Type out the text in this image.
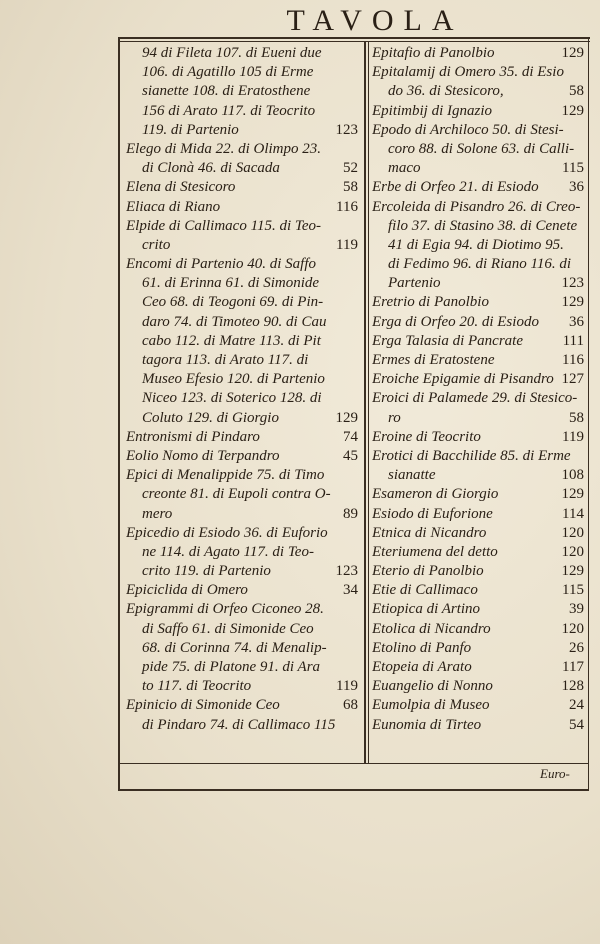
TAVOLA
94 di Fileta 107. di Eueni due
106. di Agatillo 105 di Erme
sianette 108. di Eratosthene
156 di Arato 117. di Teocrito
119. di Partenio	123
Elego di Mida 22. di Olimpo 23.
di Clonà 46. di Sacada	52
Elena di Stesicoro	58
Eliaca di Riano	116
Elpide di Callimaco 115. di Teo-
crito	119
Encomi di Partenio 40. di Saffo
61. di Erinna 61. di Simonide
Ceo 68. di Teogoni 69. di Pin-
daro 74. di Timoteo 90. di Cau
cabo 112. di Matre 113. di Pit
tagora 113. di Arato 117. di
Museo Efesio 120. di Partenio
Niceo 123. di Soterico 128. di
Coluto 129. di Giorgio	129
Entronismi di Pindaro	74
Eolio Nomo di Terpandro	45
Epici di Menalippide 75. di Timo
creonte 81. di Eupoli contra O-
mero	89
Epicedio di Esiodo 36. di Euforio
ne 114. di Agato 117. di Teo-
crito 119. di Partenio	123
Epiciclida di Omero	34
Epigrammi di Orfeo Ciconeo 28.
di Saffo 61. di Simonide Ceo
68. di Corinna 74. di Menalip-
pide 75. di Platone 91. di Ara
to 117. di Teocrito	119
Epinicio di Simonide Ceo	68
di Pindaro 74. di Callimaco 115
Epitafio di Panolbio	129
Epitalamij di Omero 35. di Esio
do 36. di Stesicoro,	58
Epitimbij di Ignazio	129
Epodo di Archiloco 50. di Stesi-
coro 88. di Solone 63. di Calli-
maco	115
Erbe di Orfeo 21. di Esiodo	36
Ercoleida di Pisandro 26. di Creo-
filo 37. di Stasino 38. di Cenete
41 di Egia 94. di Diotimo 95.
di Fedimo 96. di Riano 116. di
Partenio	123
Eretrio di Panolbio	129
Erga di Orfeo 20. di Esiodo	36
Erga Talasia di Pancrate	111
Ermes di Eratostene	116
Eroiche Epigamie di Pisandro 127
Eroici di Palamede 29. di Stesico-
ro	58
Eroine di Teocrito	119
Erotici di Bacchilide 85. di Erme
sianatte	108
Esameron di Giorgio	129
Esiodo di Euforione	114
Etnica di Nicandro	120
Eteriumena del detto	120
Eterio di Panolbio	129
Etie di Callimaco	115
Etiopica di Artino	39
Etolica di Nicandro	120
Etolino di Panfo	26
Etopeia di Arato	117
Euangelio di Nonno	128
Eumolpia di Museo	24
Eunomia di Tirteo	54
Euro-
